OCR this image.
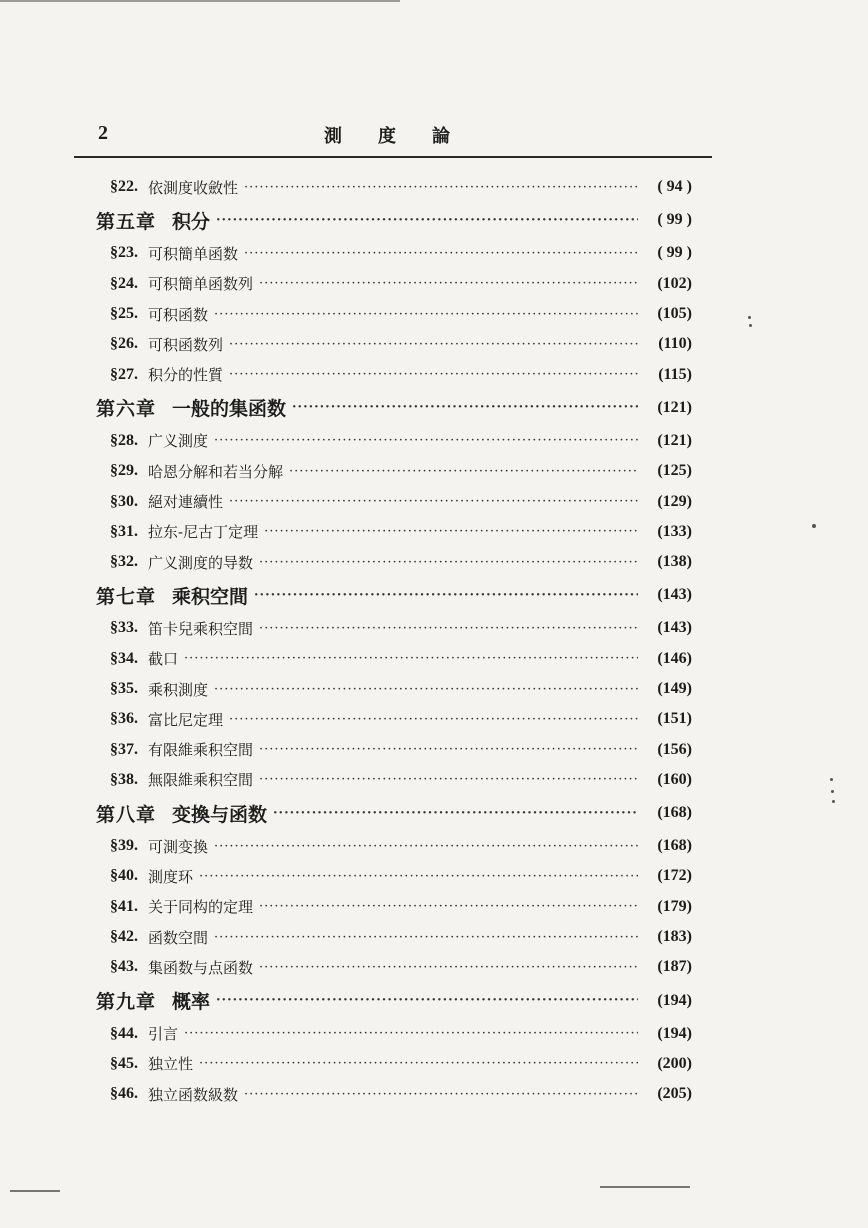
2	測度論
§22. 依測度收斂性 ·····	( 94 )
第五章 积分 ·····	( 99 )
§23. 可积簡单函数 ·····	( 99 )
§24. 可积簡单函数列 ·····	(102)
§25. 可积函数 ·····	(105)
§26. 可积函数列 ·····	(110)
§27. 积分的性質 ·····	(115)
第六章 一般的集函数 ·····	(121)
§28. 广义測度 ·····	(121)
§29. 哈恩分解和若当分解 ·····	(125)
§30. 絕对連續性 ·····	(129)
§31. 拉东-尼古丁定理 ·····	(133)
§32. 广义測度的导数 ·····	(138)
第七章 乘积空間 ·····	(143)
§33. 笛卡兒乘积空間 ·····	(143)
§34. 截口 ·····	(146)
§35. 乘积測度 ·····	(149)
§36. 富比尼定理 ·····	(151)
§37. 有限維乘积空間 ·····	(156)
§38. 無限維乘积空間 ·····	(160)
第八章 变換与函数 ·····	(168)
§39. 可測变換 ·····	(168)
§40. 測度环 ·····	(172)
§41. 关于同构的定理 ·····	(179)
§42. 函数空間 ·····	(183)
§43. 集函数与点函数 ·····	(187)
第九章 概率 ·····	(194)
§44. 引言 ·····	(194)
§45. 独立性 ·····	(200)
§46. 独立函数級数 ·····	(205)
